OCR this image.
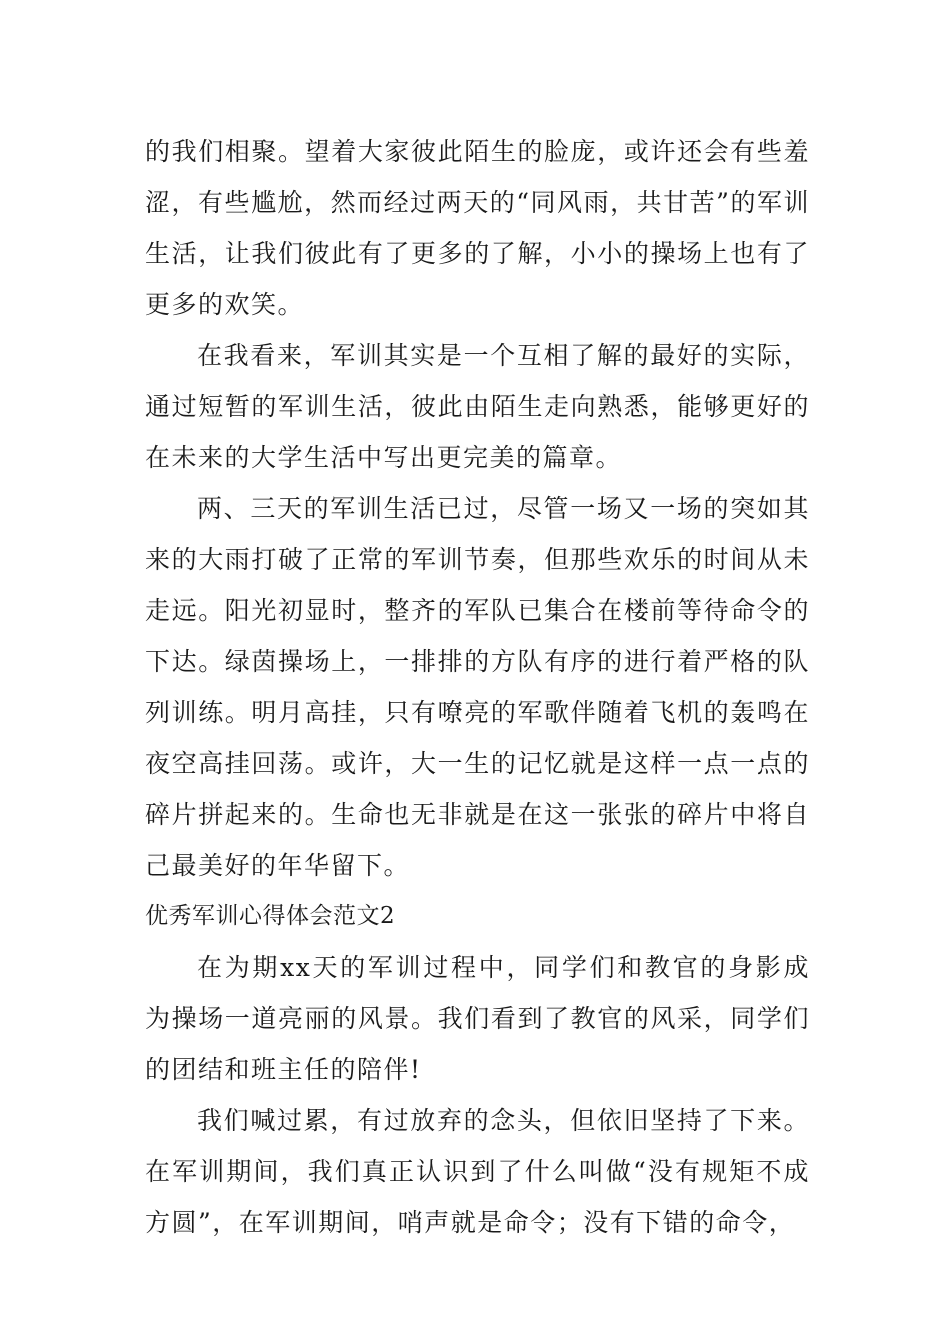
的我们相聚。望着大家彼此陌生的脸庞，或许还会有些羞涩，有些尴尬，然而经过两天的“同风雨，共甘苦”的军训生活，让我们彼此有了更多的了解，小小的操场上也有了更多的欢笑。

在我看来，军训其实是一个互相了解的最好的实际，通过短暂的军训生活，彼此由陌生走向熟悉，能够更好的在未来的大学生活中写出更完美的篇章。

两、三天的军训生活已过，尽管一场又一场的突如其来的大雨打破了正常的军训节奏，但那些欢乐的时间从未走远。阳光初显时，整齐的军队已集合在楼前等待命令的下达。绿茵操场上，一排排的方队有序的进行着严格的队列训练。明月高挂，只有嘹亮的军歌伴随着飞机的轰鸣在夜空高挂回荡。或许，大一生的记忆就是这样一点一点的碎片拼起来的。生命也无非就是在这一张张的碎片中将自己最美好的年华留下。

优秀军训心得体会范文2

在为期xx天的军训过程中，同学们和教官的身影成为操场一道亮丽的风景。我们看到了教官的风采，同学们的团结和班主任的陪伴!

我们喊过累，有过放弃的念头，但依旧坚持了下来。在军训期间，我们真正认识到了什么叫做“没有规矩不成方圆”，在军训期间，哨声就是命令；没有下错的命令，
